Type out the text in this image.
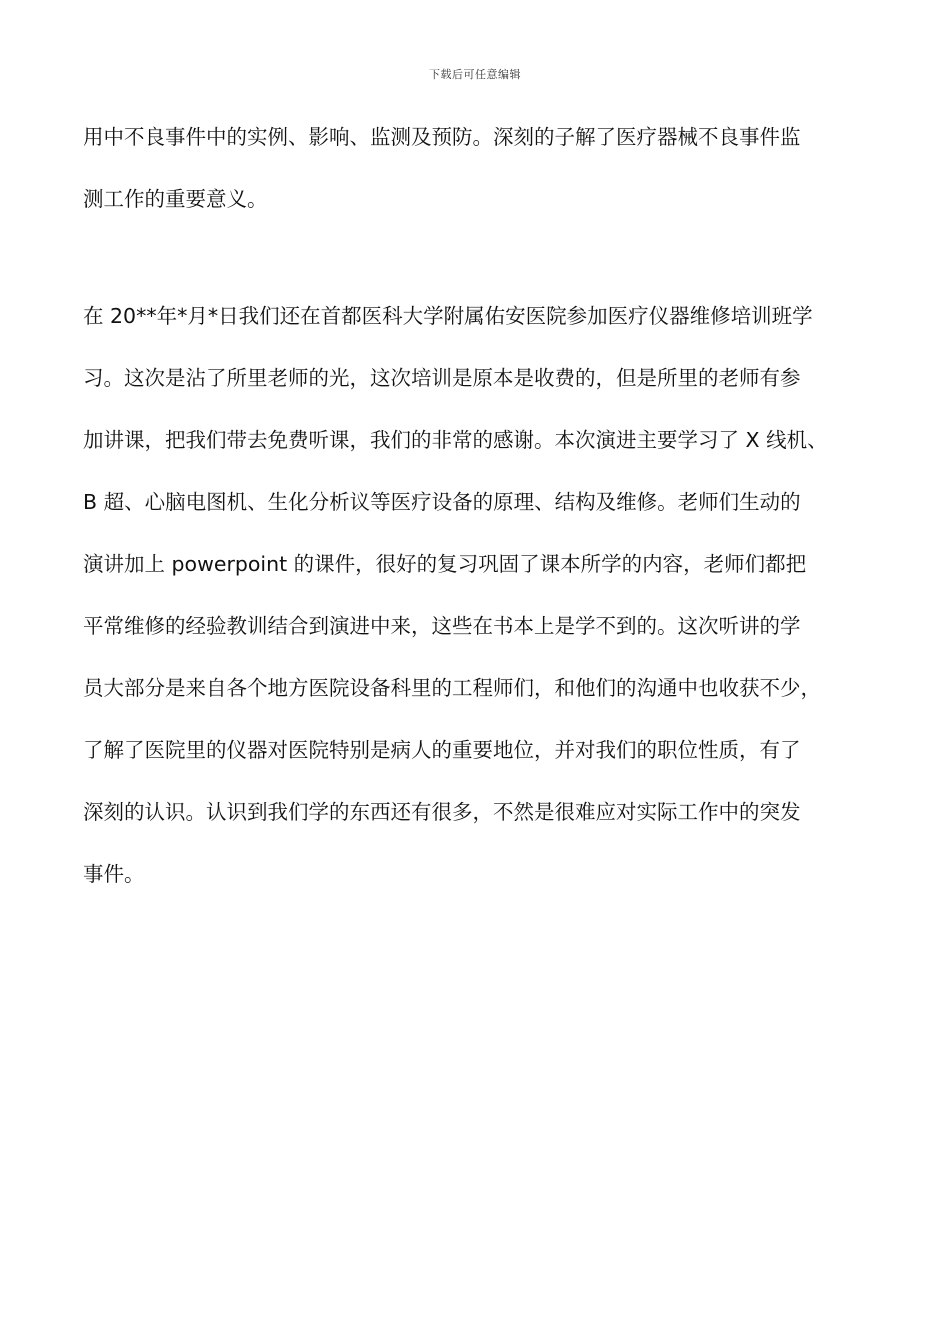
下载后可任意编辑
用中不良事件中的实例、影响、监测及预防。深刻的子解了医疗器械不良事件监
测工作的重要意义。
在 20**年*月*日我们还在首都医科大学附属佑安医院参加医疗仪器维修培训班学
习。这次是沾了所里老师的光，这次培训是原本是收费的，但是所里的老师有参
加讲课，把我们带去免费听课，我们的非常的感谢。本次演进主要学习了 X 线机、
B 超、心脑电图机、生化分析议等医疗设备的原理、结构及维修。老师们生动的
演讲加上 powerpoint 的课件，很好的复习巩固了课本所学的内容，老师们都把
平常维修的经验教训结合到演进中来，这些在书本上是学不到的。这次听讲的学
员大部分是来自各个地方医院设备科里的工程师们，和他们的沟通中也收获不少，
了解了医院里的仪器对医院特别是病人的重要地位，并对我们的职位性质，有了
深刻的认识。认识到我们学的东西还有很多，不然是很难应对实际工作中的突发
事件。
